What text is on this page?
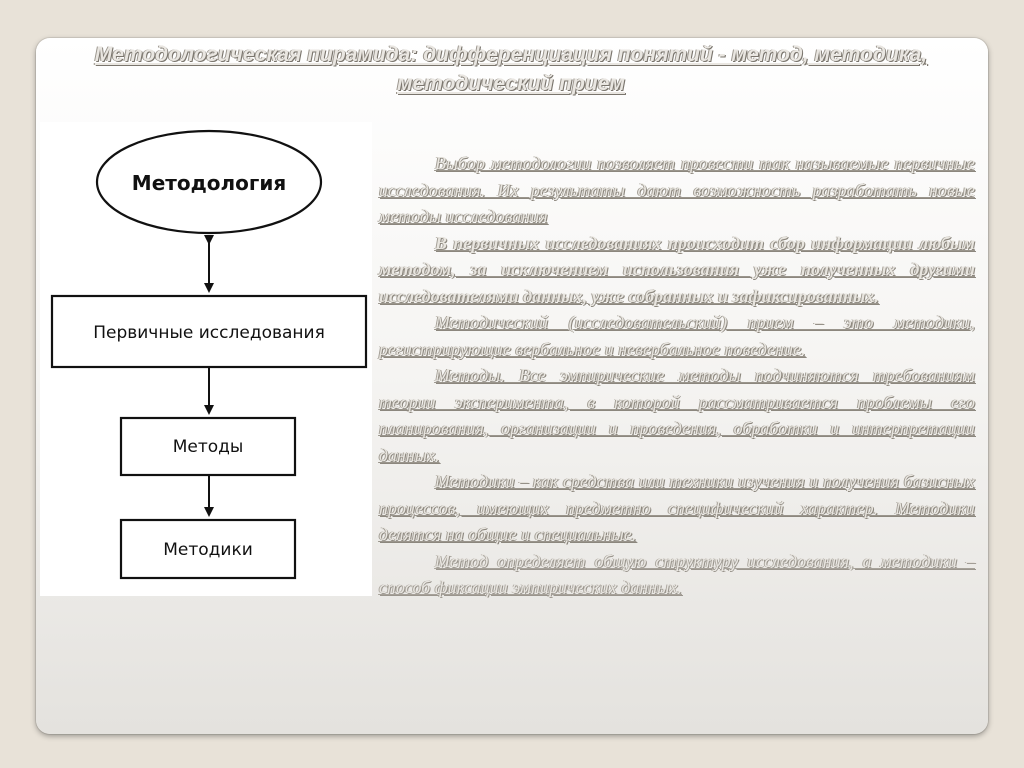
Методологическая пирамида: дифференциация понятий - метод, методика, методический прием
Методология
Первичные исследования
Методы
Методики

Выбор методологии позволяет провести так называемые первичные исследования. Их результаты дают возможность разработать новые методы исследования

В первичных исследованиях происходит сбор информации любым методом, за исключением использования уже полученных другими исследователями данных, уже собранных и зафиксированных.

Методический (исследовательский) прием – это методики, регистрирующие вербальное и невербальное поведение.

Методы. Все эмпирические методы подчиняются требованиям теории эксперимента, в которой рассматривается проблемы его планирования, организации и проведения, обработки и интерпретации данных.

Методики – как средства или техники изучения и получения базисных процессов, имеющих предметно специфический характер. Методики делятся на общие и специальные.

Метод определяет общую структуру исследования, а методики – способ фиксации эмпирических данных.
